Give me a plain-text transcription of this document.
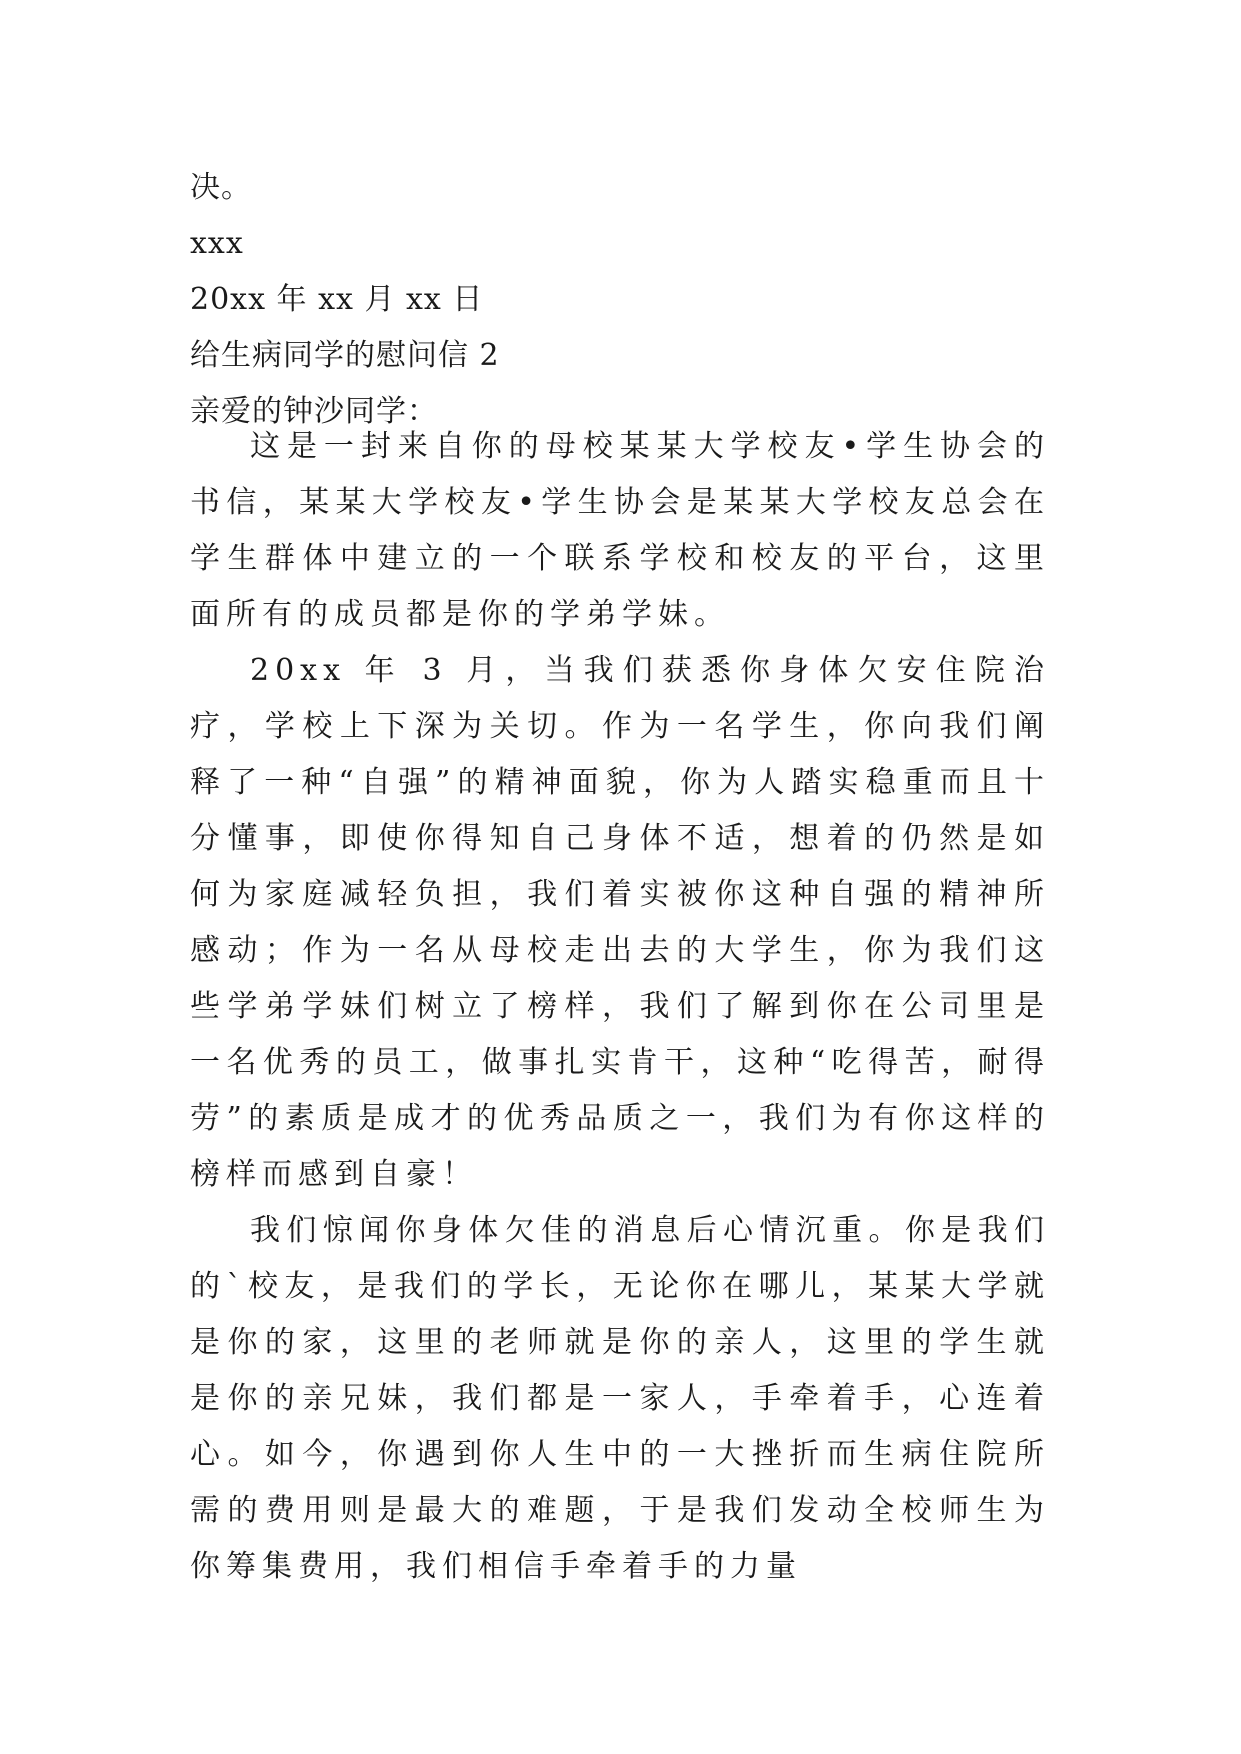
决。
xxx
20xx 年 xx 月 xx 日
给生病同学的慰问信 2
亲爱的钟沙同学：

这是一封来自你的母校某某大学校友•学生协会的书信，某某大学校友•学生协会是某某大学校友总会在学生群体中建立的一个联系学校和校友的平台，这里面所有的成员都是你的学弟学妹。

20xx 年 3 月，当我们获悉你身体欠安住院治疗，学校上下深为关切。作为一名学生，你向我们阐释了一种“自强”的精神面貌，你为人踏实稳重而且十分懂事，即使你得知自己身体不适，想着的仍然是如何为家庭减轻负担，我们着实被你这种自强的精神所感动；作为一名从母校走出去的大学生，你为我们这些学弟学妹们树立了榜样，我们了解到你在公司里是一名优秀的员工，做事扎实肯干，这种“吃得苦，耐得劳”的素质是成才的优秀品质之一，我们为有你这样的榜样而感到自豪！

我们惊闻你身体欠佳的消息后心情沉重。你是我们的`校友，是我们的学长，无论你在哪儿，某某大学就是你的家，这里的老师就是你的亲人，这里的学生就是你的亲兄妹，我们都是一家人，手牵着手，心连着心。如今，你遇到你人生中的一大挫折而生病住院所需的费用则是最大的难题，于是我们发动全校师生为你筹集费用，我们相信手牵着手的力量
